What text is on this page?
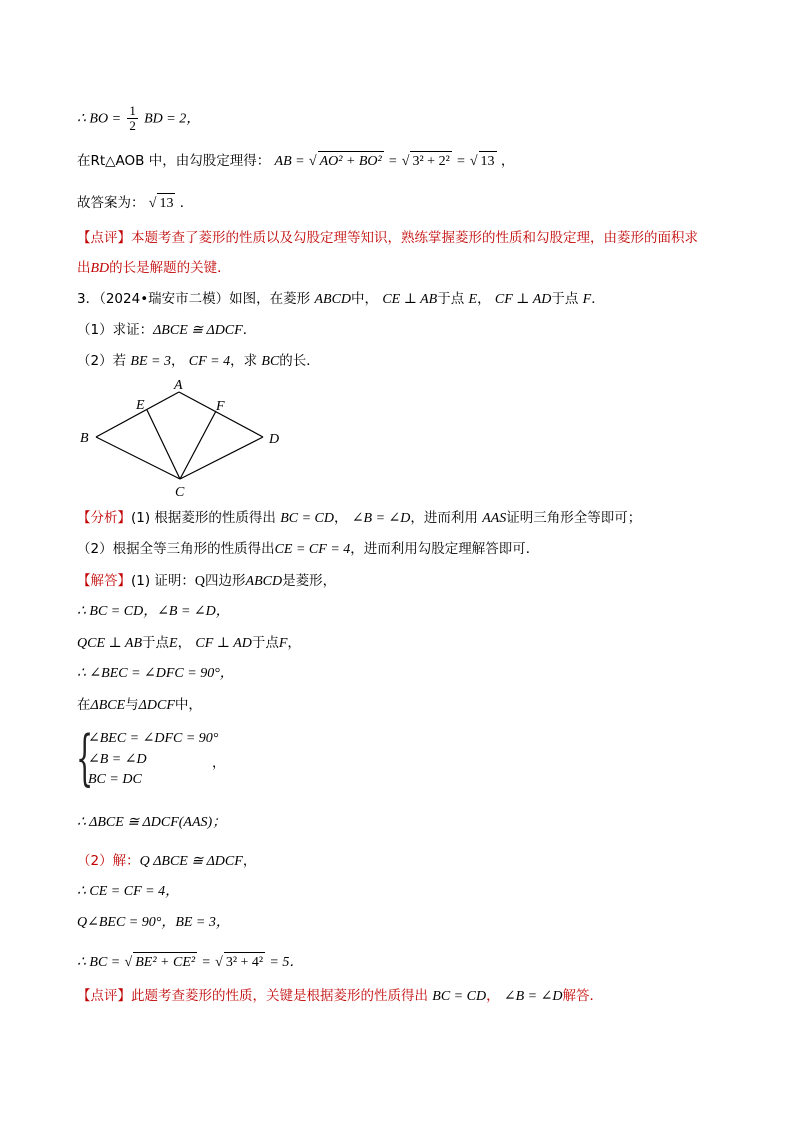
∴ BO = $\frac{1}{2}$ BD = 2，
在Rt△AOB 中，由勾股定理得： AB = √ AO² + BO² = √ 3² + 2² = √ 13 ，
故答案为： √ 13 ．
【点评】本题考查了菱形的性质以及勾股定理等知识，熟练掌握菱形的性质和勾股定理，由菱形的面积求
出BD的长是解题的关键．
3．（2024•瑞安市二模）如图，在菱形 ABCD中， CE ⊥ AB于点 E， CF ⊥ AD于点 F．
（1）求证：ΔBCE ≅ ΔDCF．
（2）若 BE = 3， CF = 4，求 BC的长．
A
B
C
D
E	F
【分析】(1) 根据菱形的性质得出 BC = CD， ∠B = ∠D，进而利用 AAS证明三角形全等即可；
（2）根据全等三角形的性质得出CE = CF = 4，进而利用勾股定理解答即可．
【解答】(1) 证明：Q四边形ABCD是菱形，
∴ BC = CD，∠B = ∠D，
QCE ⊥ AB于点E， CF ⊥ AD于点F，
∴ ∠BEC = ∠DFC = 90°，
在ΔBCE与ΔDCF中，
{
∠BEC = ∠DFC = 90°
∠B = ∠D
BC = DC
，
∴ ΔBCE ≅ ΔDCF(AAS)；
（2）解：Q ΔBCE ≅ ΔDCF，
∴ CE = CF = 4，
Q∠BEC = 90°，BE = 3，
∴ BC = √ BE² + CE² = √ 3² + 4² = 5．
【点评】此题考查菱形的性质，关键是根据菱形的性质得出 BC = CD， ∠B = ∠D解答．
